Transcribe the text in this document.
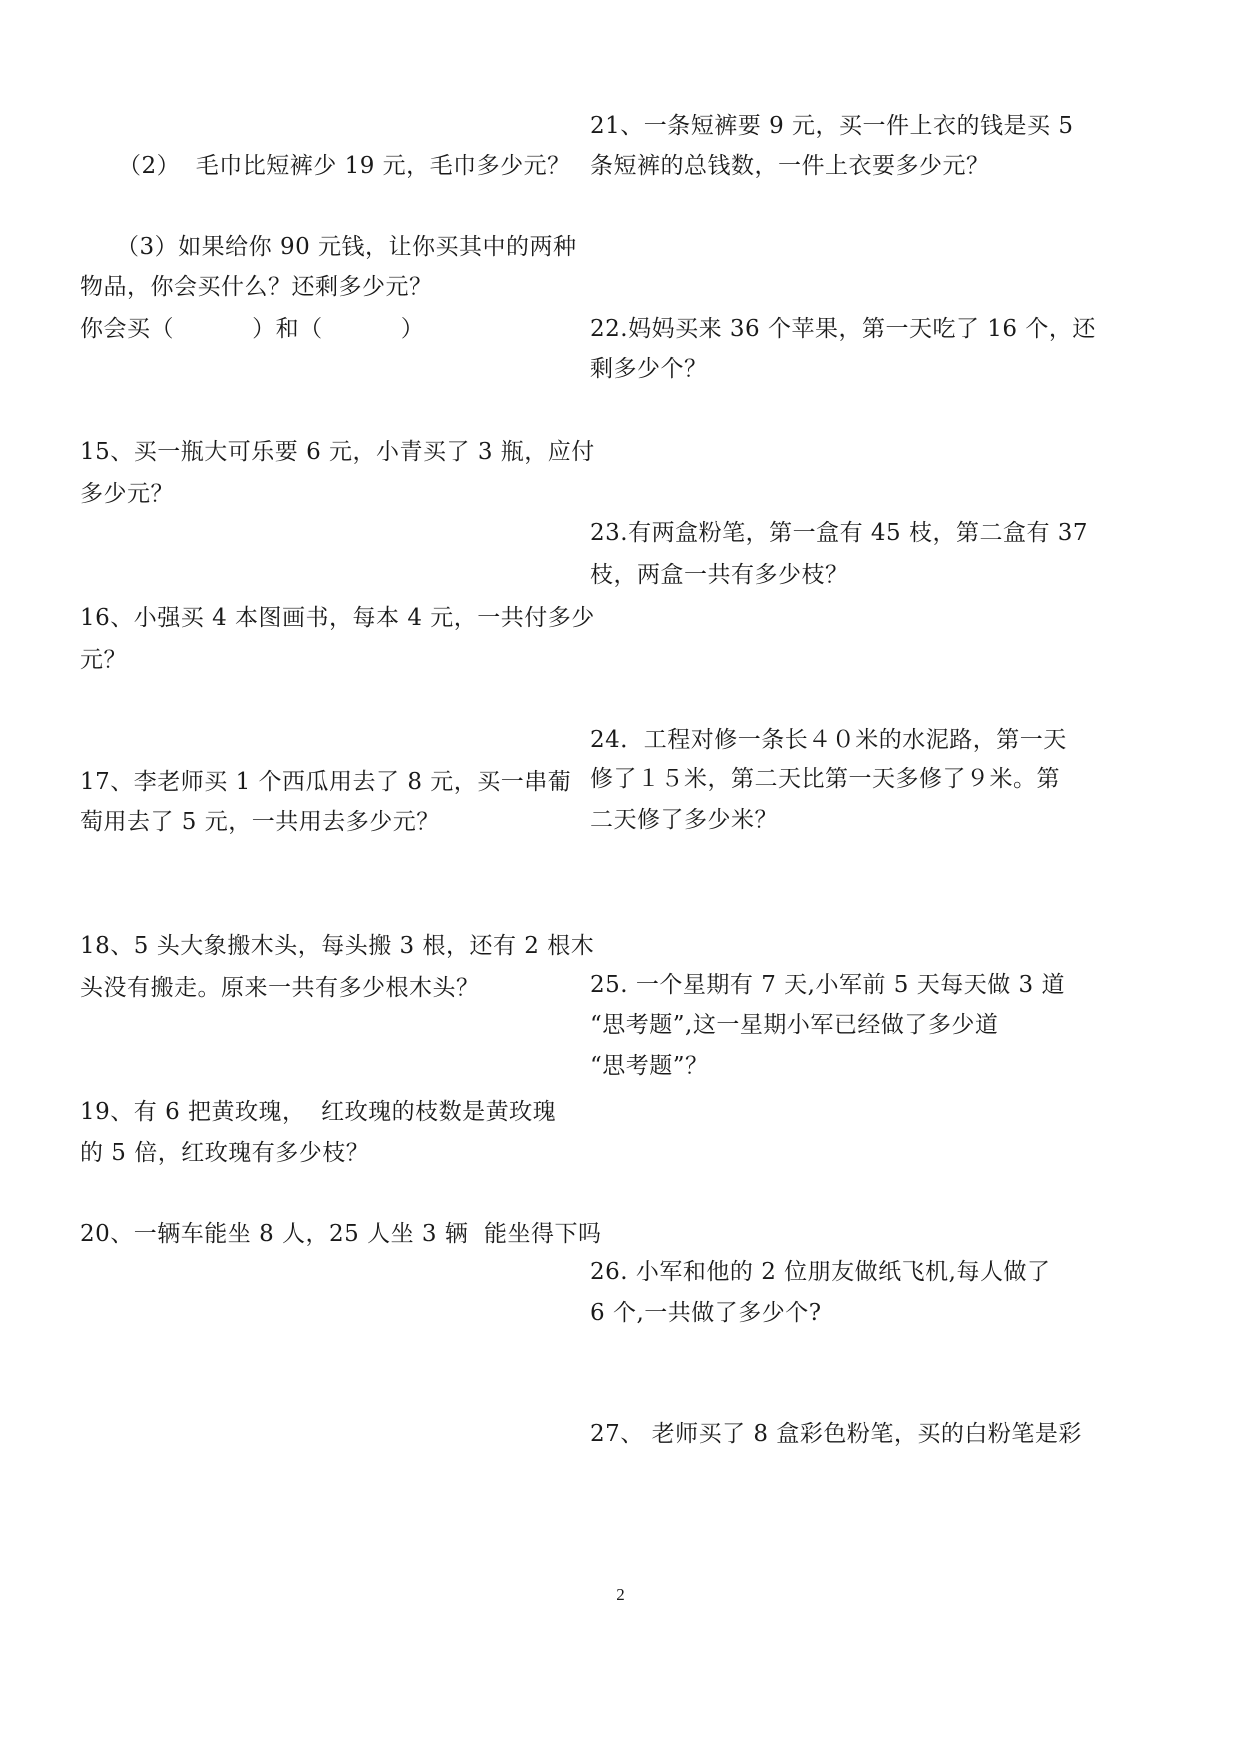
（2）  毛巾比短裤少 19 元，毛巾多少元？
（3）如果给你 90 元钱，让你买其中的两种
物品，你会买什么？还剩多少元？
你会买（          ）和（          ）
15、买一瓶大可乐要 6 元，小青买了 3 瓶，应付
多少元？
16、小强买 4 本图画书，每本 4 元，一共付多少
元？
17、李老师买 1 个西瓜用去了 8 元，买一串葡
萄用去了 5 元，一共用去多少元？
18、5 头大象搬木头，每头搬 3 根，还有 2 根木
头没有搬走。原来一共有多少根木头？
19、有 6 把黄玫瑰，  红玫瑰的枝数是黄玫瑰
的 5 倍，红玫瑰有多少枝？
20、一辆车能坐 8 人，25 人坐 3 辆  能坐得下吗
21、一条短裤要 9 元，买一件上衣的钱是买 5
条短裤的总钱数，一件上衣要多少元？
22.妈妈买来 36 个苹果，第一天吃了 16 个，还
剩多少个？
23.有两盒粉笔，第一盒有 45 枝，第二盒有 37
枝，两盒一共有多少枝？
24．工程对修一条长４０米的水泥路，第一天
修了１５米，第二天比第一天多修了９米。第
二天修了多少米？
25. 一个星期有 7 天,小军前 5 天每天做 3 道
“思考题”,这一星期小军已经做了多少道
“思考题”？
26. 小军和他的 2 位朋友做纸飞机,每人做了
6 个,一共做了多少个?
27、 老师买了 8 盒彩色粉笔，买的白粉笔是彩
2
